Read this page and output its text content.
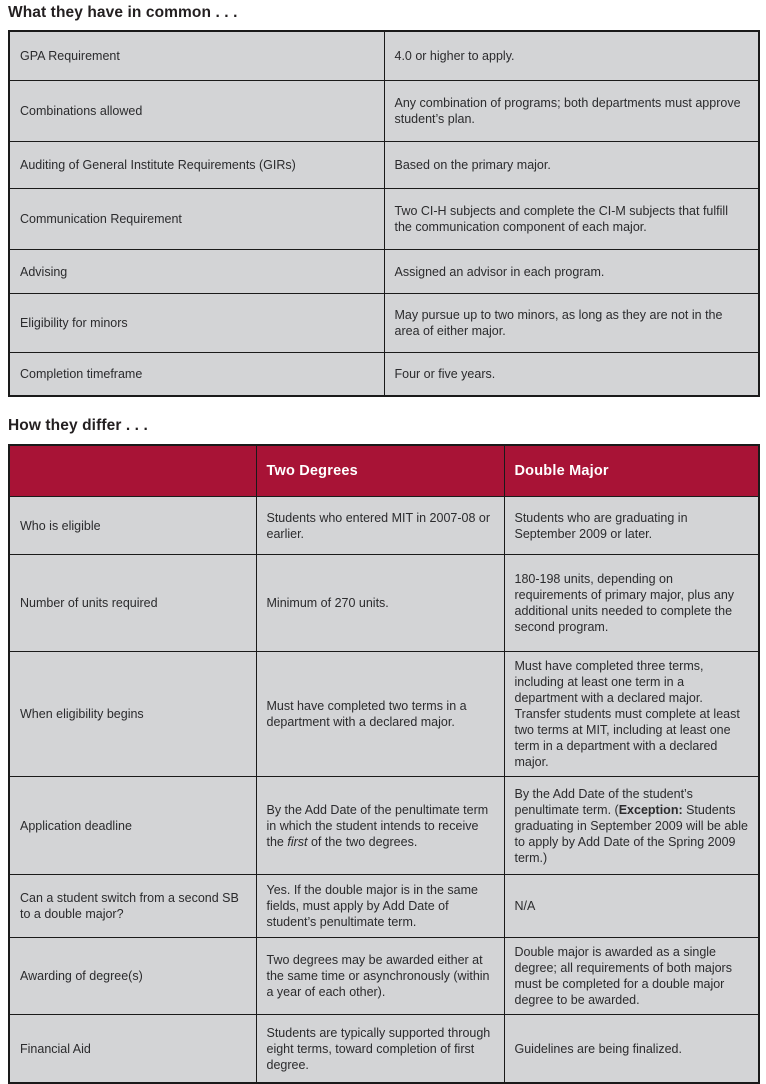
What they have in common . . .
GPA Requirement	4.0 or higher to apply.
Combinations allowed	Any combination of programs; both departments must approve student’s plan.
Auditing of General Institute Requirements (GIRs)	Based on the primary major.
Communication Requirement	Two CI-H subjects and complete the CI-M subjects that fulfill the communication component of each major.
Advising	Assigned an advisor in each program.
Eligibility for minors	May pursue up to two minors, as long as they are not in the area of either major.
Completion timeframe	Four or five years.
How they differ . . .
	Two Degrees	Double Major
Who is eligible	Students who entered MIT in 2007-08 or earlier.	Students who are graduating in September 2009 or later.
Number of units required	Minimum of 270 units.	180-198 units, depending on requirements of primary major, plus any additional units needed to complete the second program.
When eligibility begins	Must have completed two terms in a department with a declared major.	Must have completed three terms, including at least one term in a department with a declared major. Transfer students must complete at least two terms at MIT, including at least one term in a department with a declared major.
Application deadline	By the Add Date of the penultimate term in which the student intends to receive the first of the two degrees.	By the Add Date of the student’s penultimate term. (Exception: Students graduating in September 2009 will be able to apply by Add Date of the Spring 2009 term.)
Can a student switch from a second SB to a double major?	Yes. If the double major is in the same fields, must apply by Add Date of student’s penultimate term.	N/A
Awarding of degree(s)	Two degrees may be awarded either at the same time or asynchronously (within a year of each other).	Double major is awarded as a single degree; all requirements of both majors must be completed for a double major degree to be awarded.
Financial Aid	Students are typically supported through eight terms, toward completion of first degree.	Guidelines are being finalized.
